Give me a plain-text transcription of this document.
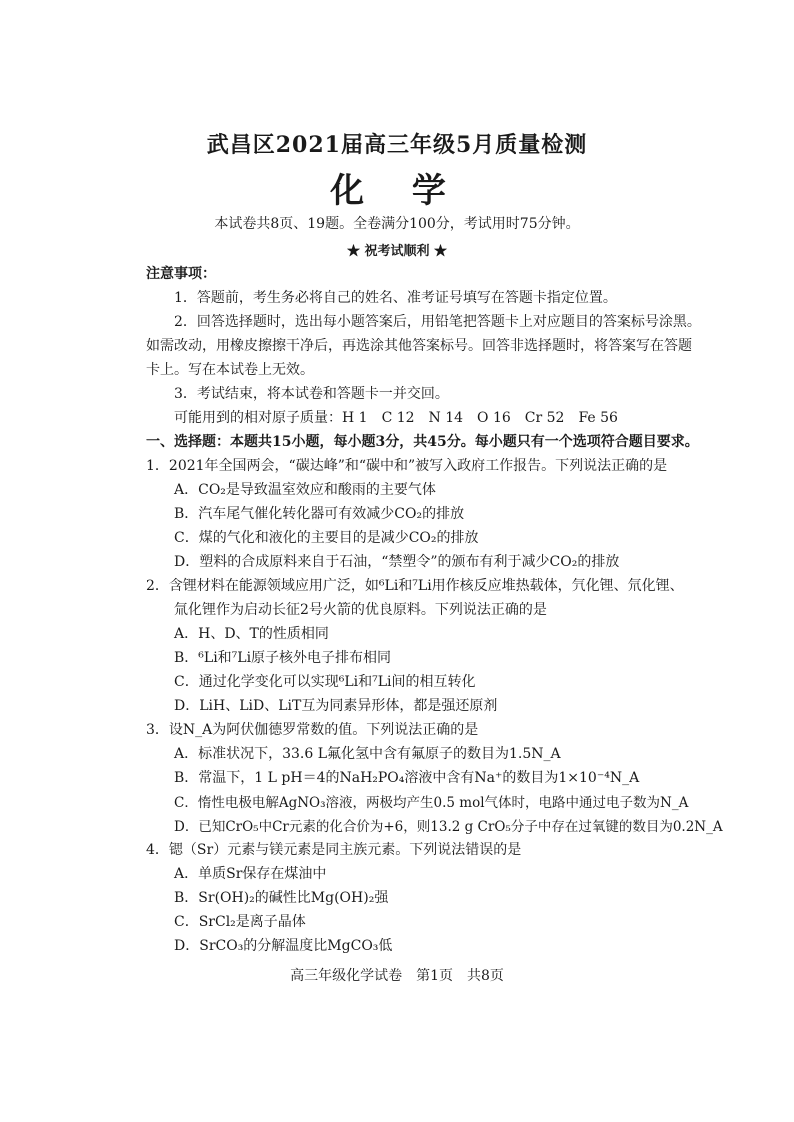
武昌区2021届高三年级5月质量检测
化 学
本试卷共8页、19题。全卷满分100分，考试用时75分钟。
★ 祝考试顺利 ★
注意事项：
1．答题前，考生务必将自己的姓名、准考证号填写在答题卡指定位置。
2．回答选择题时，选出每小题答案后，用铅笔把答题卡上对应题目的答案标号涂黑。
如需改动，用橡皮擦擦干净后，再选涂其他答案标号。回答非选择题时，将答案写在答题
卡上。写在本试卷上无效。
3．考试结束，将本试卷和答题卡一并交回。
可能用到的相对原子质量：H 1　C 12　N 14　O 16　Cr 52　Fe 56
一、选择题：本题共15小题，每小题3分，共45分。每小题只有一个选项符合题目要求。
1．2021年全国两会，“碳达峰”和“碳中和”被写入政府工作报告。下列说法正确的是
A．CO₂是导致温室效应和酸雨的主要气体
B．汽车尾气催化转化器可有效减少CO₂的排放
C．煤的气化和液化的主要目的是减少CO₂的排放
D．塑料的合成原料来自于石油，“禁塑令”的颁布有利于减少CO₂的排放
2．含锂材料在能源领域应用广泛，如⁶Li和⁷Li用作核反应堆热载体，氕化锂、氘化锂、
氚化锂作为启动长征2号火箭的优良原料。下列说法正确的是
A．H、D、T的性质相同
B．⁶Li和⁷Li原子核外电子排布相同
C．通过化学变化可以实现⁶Li和⁷Li间的相互转化
D．LiH、LiD、LiT互为同素异形体，都是强还原剂
3．设N_A为阿伏伽德罗常数的值。下列说法正确的是
A．标准状况下，33.6 L氟化氢中含有氟原子的数目为1.5N_A
B．常温下，1 L pH＝4的NaH₂PO₄溶液中含有Na⁺的数目为1×10⁻⁴N_A
C．惰性电极电解AgNO₃溶液，两极均产生0.5 mol气体时，电路中通过电子数为N_A
D．已知CrO₅中Cr元素的化合价为+6，则13.2 g CrO₅分子中存在过氧键的数目为0.2N_A
4．锶（Sr）元素与镁元素是同主族元素。下列说法错误的是
A．单质Sr保存在煤油中
B．Sr(OH)₂的碱性比Mg(OH)₂强
C．SrCl₂是离子晶体
D．SrCO₃的分解温度比MgCO₃低
高三年级化学试卷　第1页　共8页
